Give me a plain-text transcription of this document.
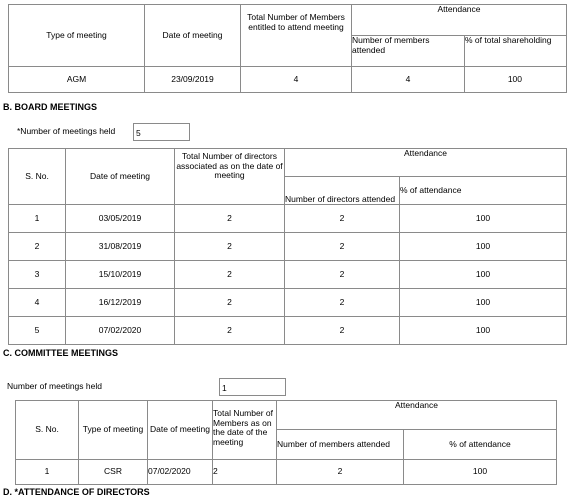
Type of meeting	Date of meeting	Total Number of Members entitled to attend meeting	Attendance	
			Number of members attended	% of total shareholding
AGM	23/09/2019	4	4	100
B. BOARD MEETINGS
*Number of meetings held	5
S. No.	Date of meeting	Total Number of directors associated as on the date of meeting	Attendance	
			Number of directors attended	% of attendance
1	03/05/2019	2	2	100
2	31/08/2019	2	2	100
3	15/10/2019	2	2	100
4	16/12/2019	2	2	100
5	07/02/2020	2	2	100
C. COMMITTEE MEETINGS
Number of meetings held	1
S. No.	Type of meeting	Date of meeting	Total Number of Members as on the date of the meeting	Attendance	
				Number of members attended	% of attendance
1	CSR	07/02/2020	2	2	100
D. *ATTENDANCE OF DIRECTORS
